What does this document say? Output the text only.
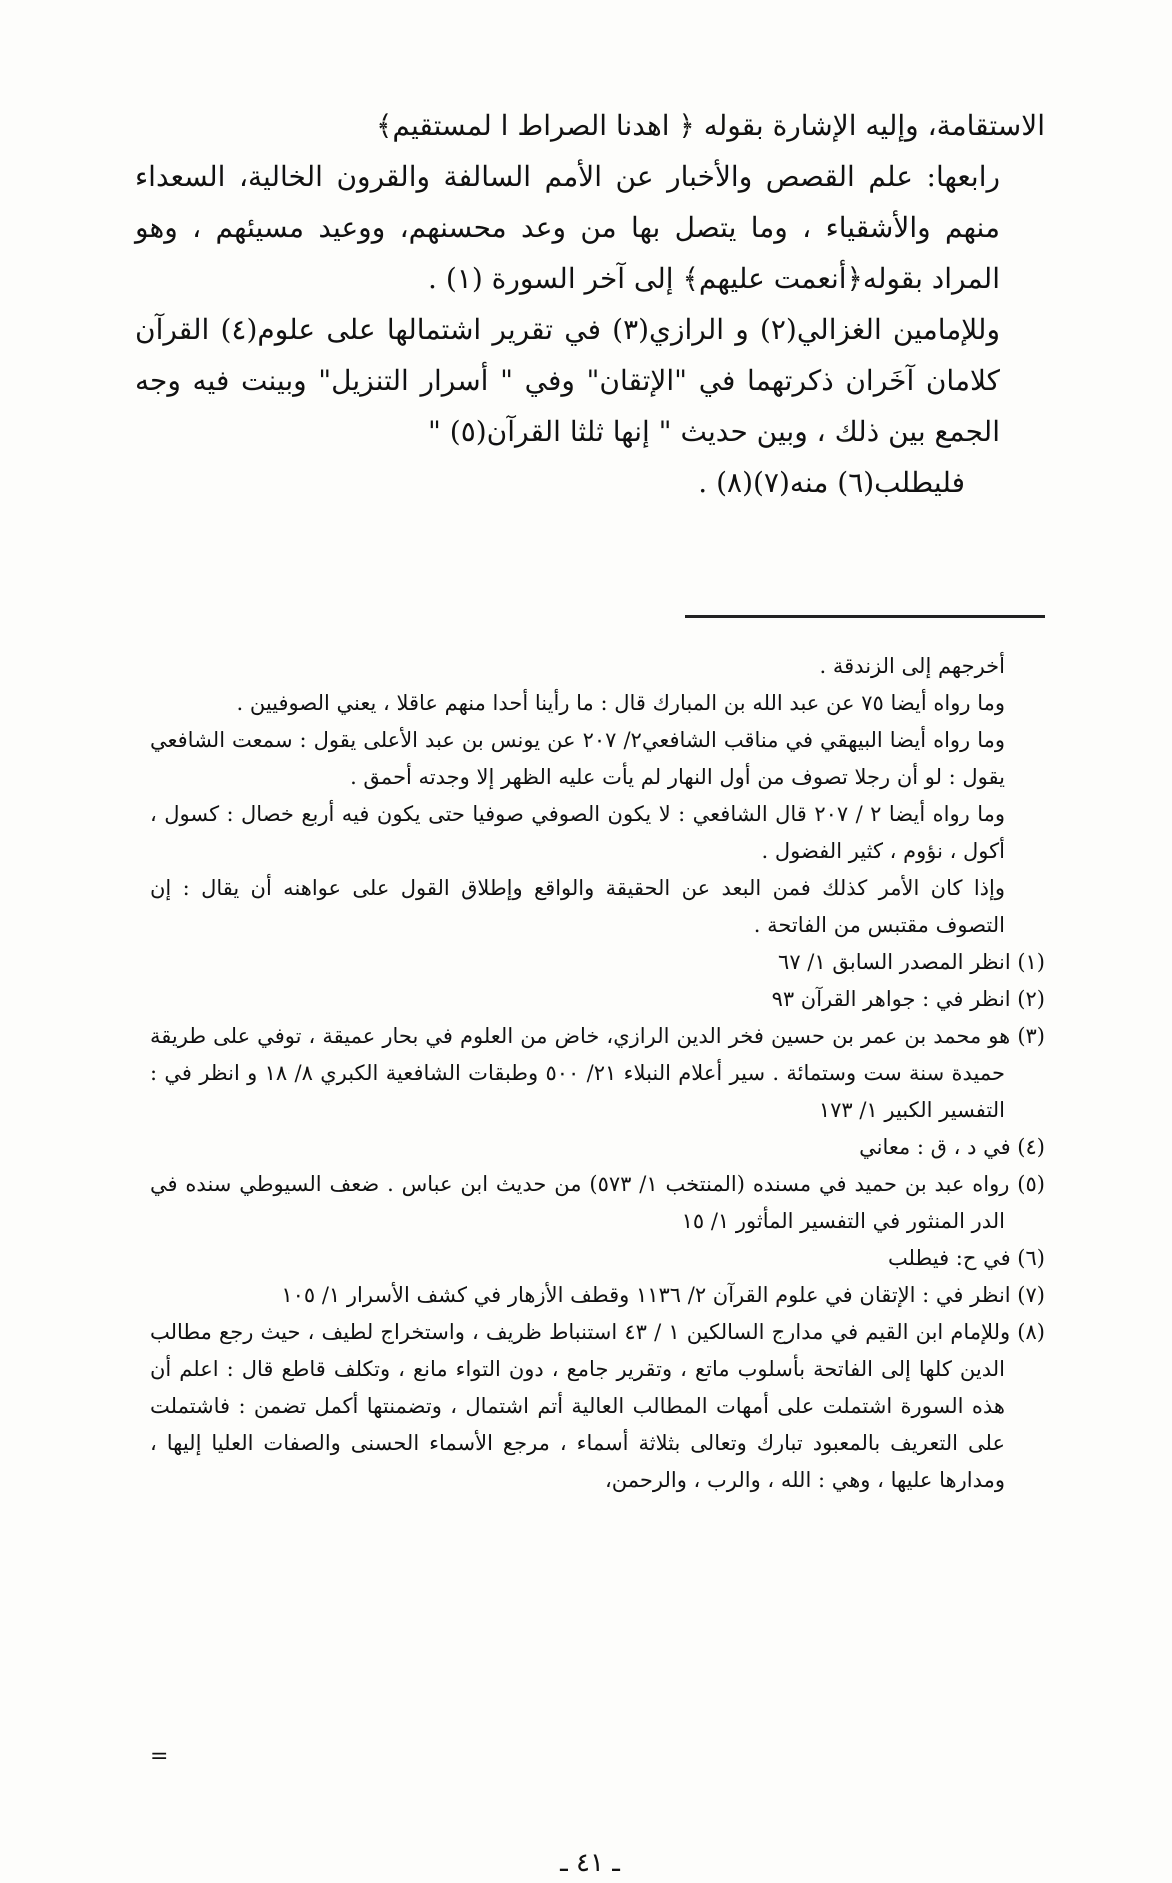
الاستقامة، وإليه الإشارة بقوله ﴿ اهدنا الصراط ا لمستقيم﴾

رابعها: علم القصص والأخبار عن الأمم السالفة والقرون الخالية، السعداء منهم والأشقياء ، وما يتصل بها من وعد محسنهم، ووعيد مسيئهم ، وهو المراد بقوله﴿أنعمت عليهم﴾ إلى آخر السورة (١) .

وللإمامين الغزالي(٢) و الرازي(٣) في تقرير اشتمالها على علوم(٤) القرآن كلامان آخَران ذكرتهما في "الإتقان" وفي " أسرار التنزيل" وبينت فيه وجه الجمع بين ذلك ، وبين حديث " إنها ثلثا القرآن(٥) "

فليطلب(٦) منه(٧)(٨) .

أخرجهم إلى الزندقة .

وما رواه أيضا ٧٥ عن عبد الله بن المبارك قال : ما رأينا أحدا منهم عاقلا ، يعني الصوفيين .

وما رواه أيضا البيهقي في مناقب الشافعي٢/ ٢٠٧ عن يونس بن عبد الأعلى يقول : سمعت الشافعي يقول : لو أن رجلا تصوف من أول النهار لم يأت عليه الظهر إلا وجدته أحمق .

وما رواه أيضا ٢ / ٢٠٧ قال الشافعي : لا يكون الصوفي صوفيا حتى يكون فيه أربع خصال : كسول ، أكول ، نؤوم ، كثير الفضول .

وإذا كان الأمر كذلك فمن البعد عن الحقيقة والواقع وإطلاق القول على عواهنه أن يقال : إن التصوف مقتبس من الفاتحة .

(١) انظر المصدر السابق ١/ ٦٧

(٢) انظر في : جواهر القرآن ٩٣

(٣) هو محمد بن عمر بن حسين فخر الدين الرازي، خاض من العلوم في بحار عميقة ، توفي على طريقة حميدة سنة ست وستمائة . سير أعلام النبلاء ٢١/ ٥٠٠ وطبقات الشافعية الكبري ٨/ ١٨ و انظر في : التفسير الكبير ١/ ١٧٣

(٤) في د ، ق : معاني

(٥) رواه عبد بن حميد في مسنده (المنتخب ١/ ٥٧٣) من حديث ابن عباس . ضعف السيوطي سنده في الدر المنثور في التفسير المأثور ١/ ١٥

(٦) في ح: فيطلب

(٧) انظر في : الإتقان في علوم القرآن ٢/ ١١٣٦ وقطف الأزهار في كشف الأسرار ١/ ١٠٥

(٨) وللإمام ابن القيم في مدارج السالكين ١ / ٤٣ استنباط ظريف ، واستخراج لطيف ، حيث رجع مطالب الدين كلها إلى الفاتحة بأسلوب ماتع ، وتقرير جامع ، دون التواء مانع ، وتكلف قاطع قال : اعلم أن هذه السورة اشتملت على أمهات المطالب العالية أتم اشتمال ، وتضمنتها أكمل تضمن : فاشتملت على التعريف بالمعبود تبارك وتعالى بثلاثة أسماء ، مرجع الأسماء الحسنى والصفات العليا إليها ، ومدارها عليها ، وهي : الله ، والرب ، والرحمن،

=
ـ ٤١ ـ
